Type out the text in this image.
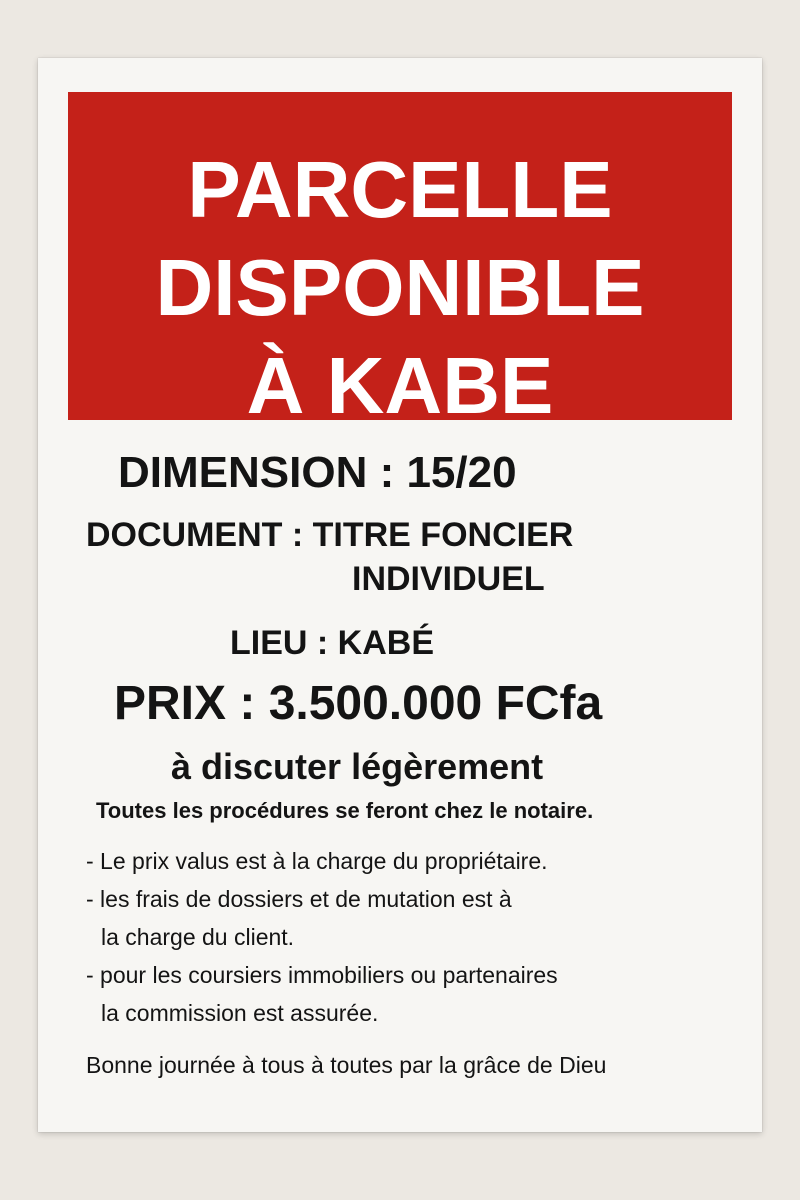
PARCELLE
DISPONIBLE
À KABE
DIMENSION : 15/20
DOCUMENT : TITRE FONCIER
INDIVIDUEL
LIEU : KABÉ
PRIX : 3.500.000 FCfa
à discuter légèrement
Toutes les procédures se feront chez le notaire.
- Le prix valus est à la charge du propriétaire.
- les frais de dossiers et de mutation est à
la charge du client.
- pour les coursiers immobiliers ou partenaires
la commission est assurée.
Bonne journée à tous à toutes par la grâce de Dieu
